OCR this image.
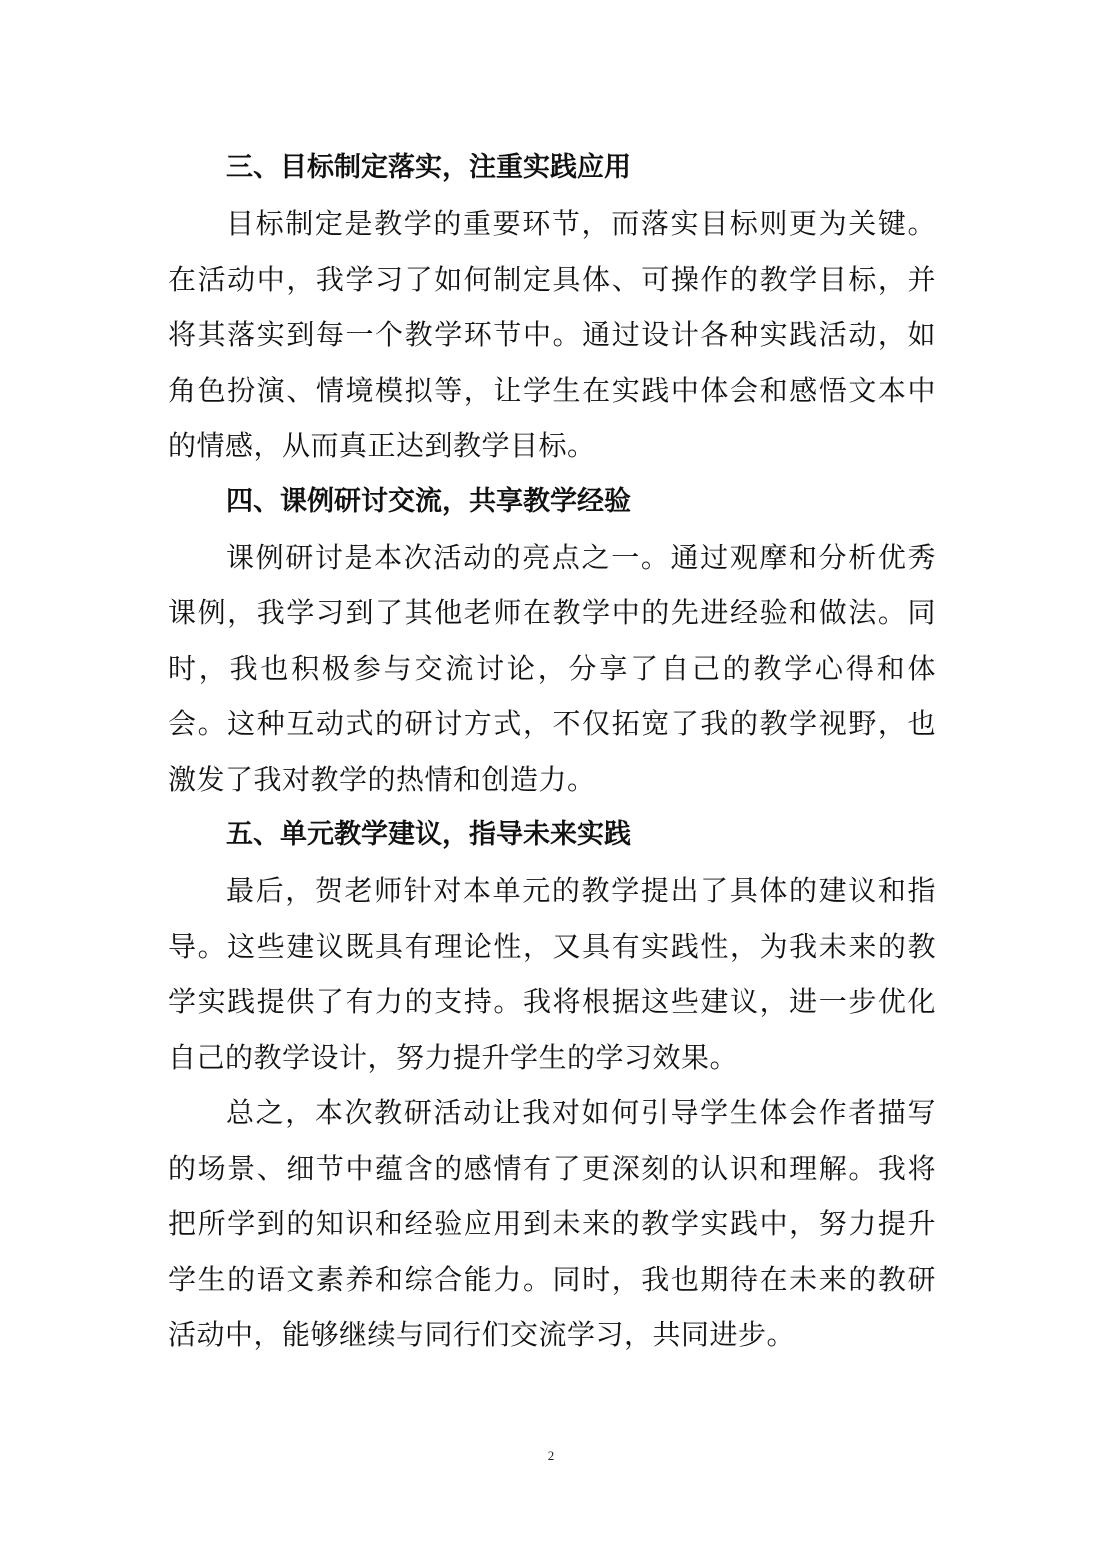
三、目标制定落实，注重实践应用

目标制定是教学的重要环节，而落实目标则更为关键。在活动中，我学习了如何制定具体、可操作的教学目标，并将其落实到每一个教学环节中。通过设计各种实践活动，如角色扮演、情境模拟等，让学生在实践中体会和感悟文本中的情感，从而真正达到教学目标。

四、课例研讨交流，共享教学经验

课例研讨是本次活动的亮点之一。通过观摩和分析优秀课例，我学习到了其他老师在教学中的先进经验和做法。同时，我也积极参与交流讨论，分享了自己的教学心得和体会。这种互动式的研讨方式，不仅拓宽了我的教学视野，也激发了我对教学的热情和创造力。

五、单元教学建议，指导未来实践

最后，贺老师针对本单元的教学提出了具体的建议和指导。这些建议既具有理论性，又具有实践性，为我未来的教学实践提供了有力的支持。我将根据这些建议，进一步优化自己的教学设计，努力提升学生的学习效果。

总之，本次教研活动让我对如何引导学生体会作者描写的场景、细节中蕴含的感情有了更深刻的认识和理解。我将把所学到的知识和经验应用到未来的教学实践中，努力提升学生的语文素养和综合能力。同时，我也期待在未来的教研活动中，能够继续与同行们交流学习，共同进步。

2
